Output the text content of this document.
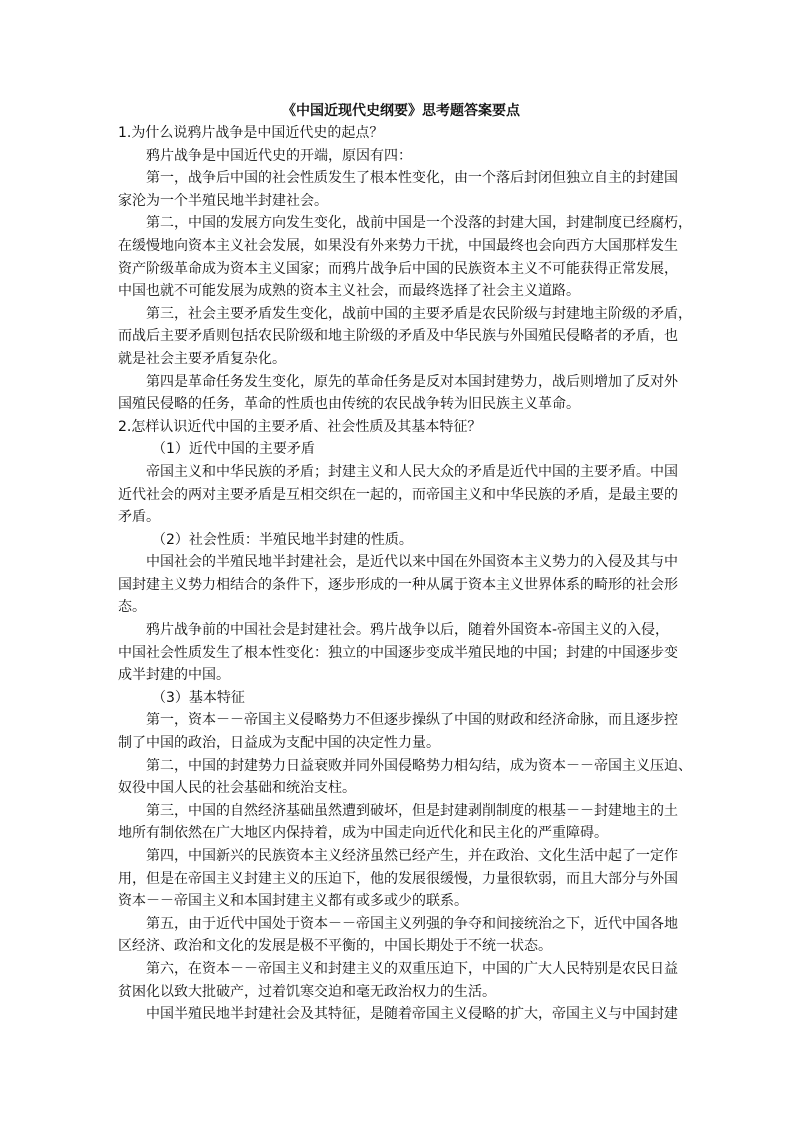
《中国近现代史纲要》思考题答案要点

1.为什么说鸦片战争是中国近代史的起点？

鸦片战争是中国近代史的开端，原因有四：

第一，战争后中国的社会性质发生了根本性变化，由一个落后封闭但独立自主的封建国

家沦为一个半殖民地半封建社会。

第二，中国的发展方向发生变化，战前中国是一个没落的封建大国，封建制度已经腐朽，

在缓慢地向资本主义社会发展，如果没有外来势力干扰，中国最终也会向西方大国那样发生

资产阶级革命成为资本主义国家；而鸦片战争后中国的民族资本主义不可能获得正常发展，

中国也就不可能发展为成熟的资本主义社会，而最终选择了社会主义道路。

第三，社会主要矛盾发生变化，战前中国的主要矛盾是农民阶级与封建地主阶级的矛盾，

而战后主要矛盾则包括农民阶级和地主阶级的矛盾及中华民族与外国殖民侵略者的矛盾，也

就是社会主要矛盾复杂化。

第四是革命任务发生变化，原先的革命任务是反对本国封建势力，战后则增加了反对外

国殖民侵略的任务，革命的性质也由传统的农民战争转为旧民族主义革命。

2.怎样认识近代中国的主要矛盾、社会性质及其基本特征？

（1）近代中国的主要矛盾

帝国主义和中华民族的矛盾；封建主义和人民大众的矛盾是近代中国的主要矛盾。中国

近代社会的两对主要矛盾是互相交织在一起的，而帝国主义和中华民族的矛盾，是最主要的

矛盾。

（2）社会性质：半殖民地半封建的性质。

中国社会的半殖民地半封建社会，是近代以来中国在外国资本主义势力的入侵及其与中

国封建主义势力相结合的条件下，逐步形成的一种从属于资本主义世界体系的畸形的社会形

态。

鸦片战争前的中国社会是封建社会。鸦片战争以后，随着外国资本-帝国主义的入侵，

中国社会性质发生了根本性变化：独立的中国逐步变成半殖民地的中国；封建的中国逐步变

成半封建的中国。

（3）基本特征

第一，资本－－帝国主义侵略势力不但逐步操纵了中国的财政和经济命脉，而且逐步控

制了中国的政治，日益成为支配中国的决定性力量。

第二，中国的封建势力日益衰败并同外国侵略势力相勾结，成为资本－－帝国主义压迫、

奴役中国人民的社会基础和统治支柱。

第三，中国的自然经济基础虽然遭到破坏，但是封建剥削制度的根基－－封建地主的土

地所有制依然在广大地区内保持着，成为中国走向近代化和民主化的严重障碍。

第四，中国新兴的民族资本主义经济虽然已经产生，并在政治、文化生活中起了一定作

用，但是在帝国主义封建主义的压迫下，他的发展很缓慢，力量很软弱，而且大部分与外国

资本－－帝国主义和本国封建主义都有或多或少的联系。

第五，由于近代中国处于资本－－帝国主义列强的争夺和间接统治之下，近代中国各地

区经济、政治和文化的发展是极不平衡的，中国长期处于不统一状态。

第六，在资本－－帝国主义和封建主义的双重压迫下，中国的广大人民特别是农民日益

贫困化以致大批破产，过着饥寒交迫和毫无政治权力的生活。

中国半殖民地半封建社会及其特征，是随着帝国主义侵略的扩大，帝国主义与中国封建
